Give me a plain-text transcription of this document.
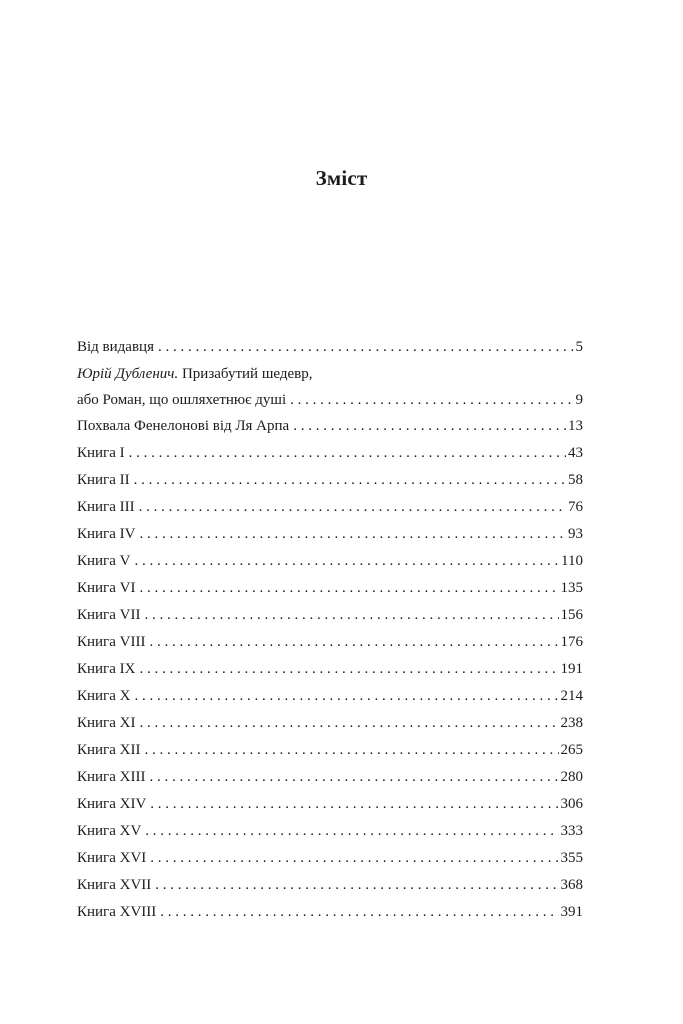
Зміст
Від видавця . . .	5
Юрій Дубленич. Призабутий шедевр,
або Роман, що ошляхетнює душі . . .	9
Похвала Фенелонові від Ля Арпа . . .	13
Книга I . . .	43
Книга II . . .	58
Книга III . . .	76
Книга IV . . .	93
Книга V . . .	110
Книга VI . . .	135
Книга VII . . .	156
Книга VIII . . .	176
Книга IX . . .	191
Книга X . . .	214
Книга XI . . .	238
Книга XII . . .	265
Книга XIII . . .	280
Книга XIV . . .	306
Книга XV . . .	333
Книга XVI . . .	355
Книга XVII . . .	368
Книга XVIII . . .	391
